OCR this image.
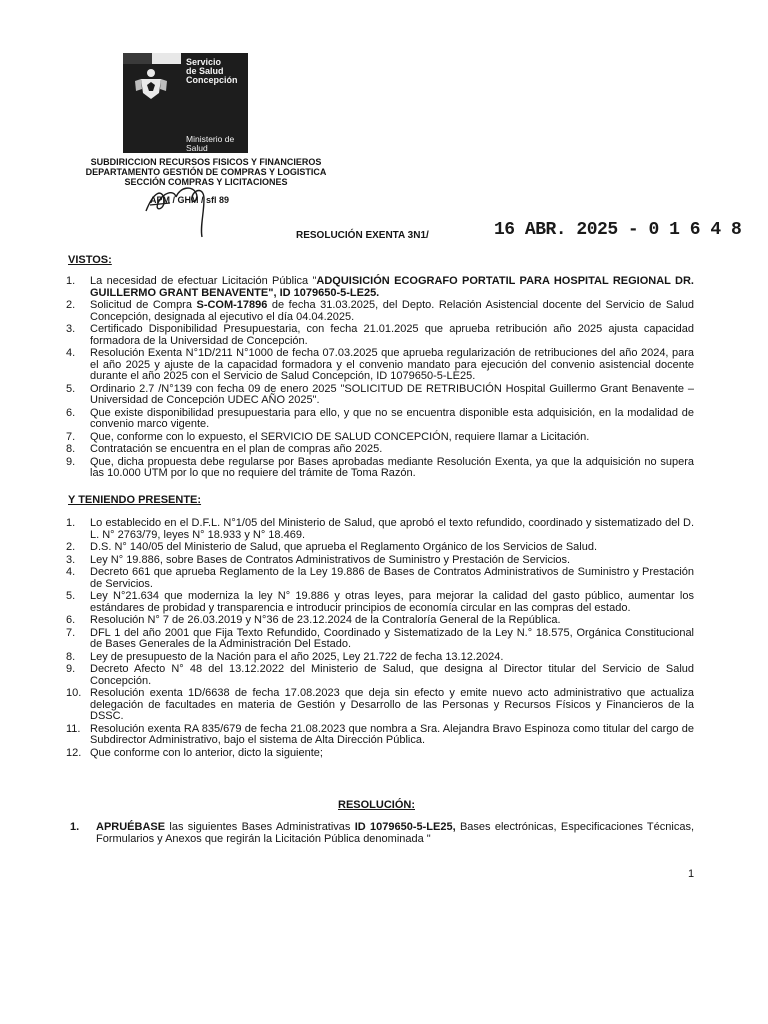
Servicio
de Salud
Concepción
Ministerio de
Salud
SUBDIRICCION RECURSOS FISICOS Y FINANCIEROS
DEPARTAMENTO GESTIÓN DE COMPRAS Y LOGISTICA
SECCIÓN COMPRAS Y LICITACIONES
APM / GHM / sfl 89
RESOLUCIÓN EXENTA 3N1/	16 ABR. 2025 - 0 1 6 4 8
VISTOS:
1.	La necesidad de efectuar Licitación Pública "ADQUISICIÓN ECOGRAFO PORTATIL PARA HOSPITAL REGIONAL DR. GUILLERMO GRANT BENAVENTE", ID 1079650-5-LE25.
2.	Solicitud de Compra S-COM-17896 de fecha 31.03.2025, del Depto. Relación Asistencial docente del Servicio de Salud Concepción, designada al ejecutivo el día 04.04.2025.
3.	Certificado Disponibilidad Presupuestaria, con fecha 21.01.2025 que aprueba retribución año 2025 ajusta capacidad formadora de la Universidad de Concepción.
4.	Resolución Exenta N°1D/211 N°1000 de fecha 07.03.2025 que aprueba regularización de retribuciones del año 2024, para el año 2025 y ajuste de la capacidad formadora y el convenio mandato para ejecución del convenio asistencial docente durante el año 2025 con el Servicio de Salud Concepción, ID 1079650-5-LE25.
5.	Ordinario 2.7 /N°139 con fecha 09 de enero 2025 "SOLICITUD DE RETRIBUCIÓN Hospital Guillermo Grant Benavente – Universidad de Concepción UDEC AÑO 2025".
6.	Que existe disponibilidad presupuestaria para ello, y que no se encuentra disponible esta adquisición, en la modalidad de convenio marco vigente.
7.	Que, conforme con lo expuesto, el SERVICIO DE SALUD CONCEPCIÓN, requiere llamar a Licitación.
8.	Contratación se encuentra en el plan de compras año 2025.
9.	Que, dicha propuesta debe regularse por Bases aprobadas mediante Resolución Exenta, ya que la adquisición no supera las 10.000 UTM por lo que no requiere del trámite de Toma Razón.
Y TENIENDO PRESENTE:
1.	Lo establecido en el D.F.L. N°1/05 del Ministerio de Salud, que aprobó el texto refundido, coordinado y sistematizado del D. L. N° 2763/79, leyes N° 18.933 y N° 18.469.
2.	D.S. N° 140/05 del Ministerio de Salud, que aprueba el Reglamento Orgánico de los Servicios de Salud.
3.	Ley N° 19.886, sobre Bases de Contratos Administrativos de Suministro y Prestación de Servicios.
4.	Decreto 661 que aprueba Reglamento de la Ley 19.886 de Bases de Contratos Administrativos de Suministro y Prestación de Servicios.
5.	Ley N°21.634 que moderniza la ley N° 19.886 y otras leyes, para mejorar la calidad del gasto público, aumentar los estándares de probidad y transparencia e introducir principios de economía circular en las compras del estado.
6.	Resolución N° 7 de 26.03.2019 y N°36 de 23.12.2024 de la Contraloría General de la República.
7.	DFL 1 del año 2001 que Fija Texto Refundido, Coordinado y Sistematizado de la Ley N.° 18.575, Orgánica Constitucional de Bases Generales de la Administración Del Estado.
8.	Ley de presupuesto de la Nación para el año 2025, Ley 21.722 de fecha 13.12.2024.
9.	Decreto Afecto N° 48 del 13.12.2022 del Ministerio de Salud, que designa al Director titular del Servicio de Salud Concepción.
10. Resolución exenta 1D/6638 de fecha 17.08.2023 que deja sin efecto y emite nuevo acto administrativo que actualiza delegación de facultades en materia de Gestión y Desarrollo de las Personas y Recursos Físicos y Financieros de la DSSC.
11. Resolución exenta RA 835/679 de fecha 21.08.2023 que nombra a Sra. Alejandra Bravo Espinoza como titular del cargo de Subdirector Administrativo, bajo el sistema de Alta Dirección Pública.
12. Que conforme con lo anterior, dicto la siguiente;
RESOLUCIÓN:
1.	APRUÉBASE las siguientes Bases Administrativas ID 1079650-5-LE25, Bases electrónicas, Especificaciones Técnicas, Formularios y Anexos que regirán la Licitación Pública denominada "
1
